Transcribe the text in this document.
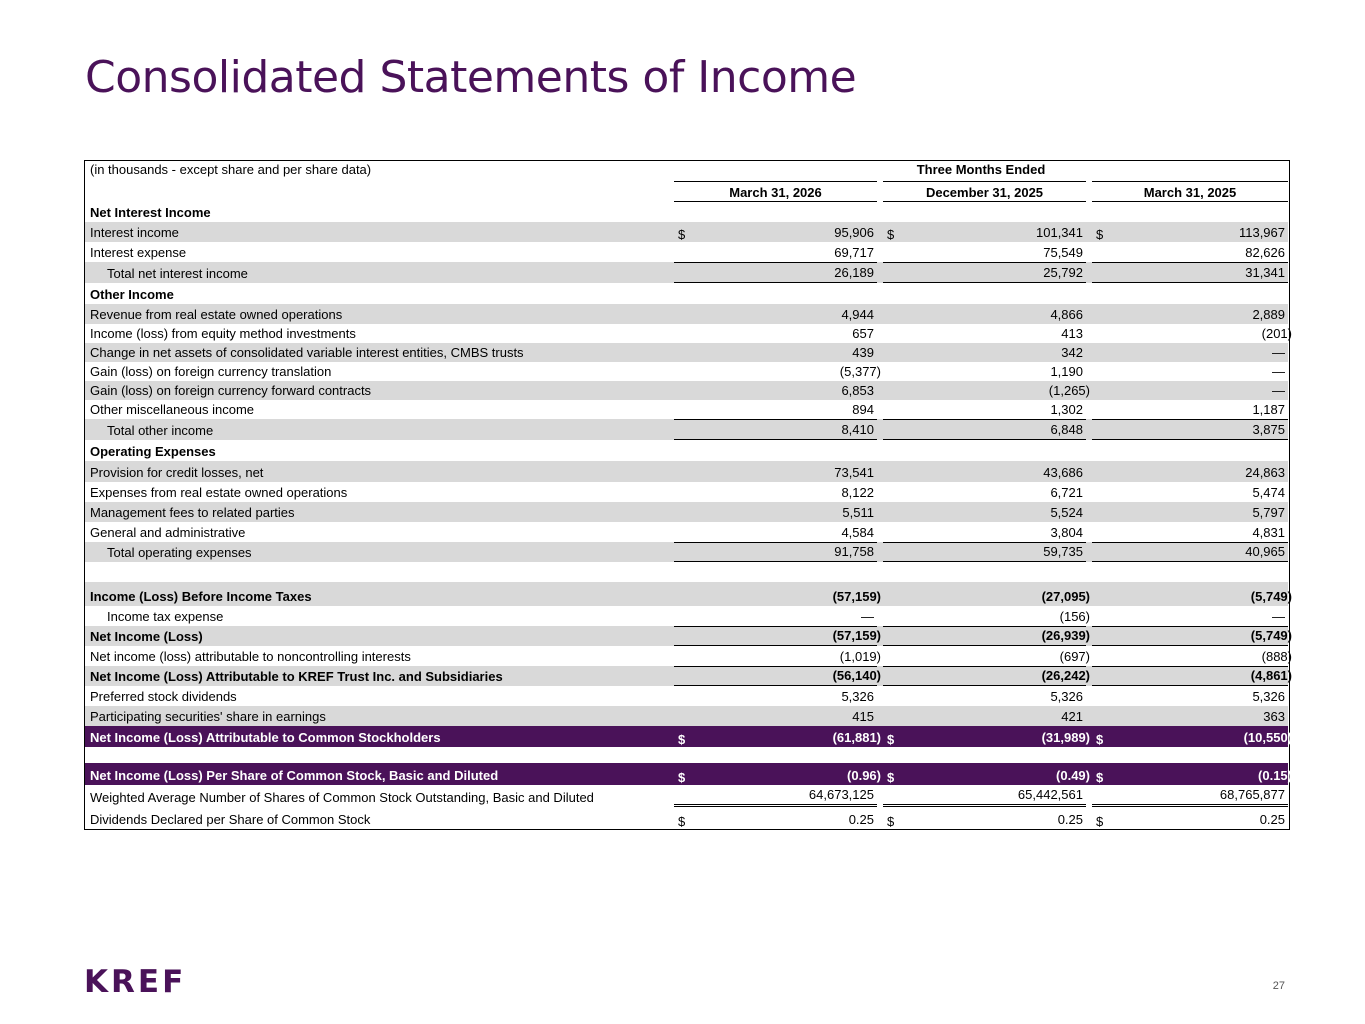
Consolidated Statements of Income
(in thousands - except share and per share data)	Three Months Ended
March 31, 2026	December 31, 2025	March 31, 2025
Net Interest Income
Interest income	$	95,906 $	101,341 $	113,967
Interest expense	69,717	75,549	82,626
Total net interest income	26,189	25,792	31,341
Other Income
Revenue from real estate owned operations	4,944	4,866	2,889
Income (loss) from equity method investments	657	413	(201)
Change in net assets of consolidated variable interest entities, CMBS trusts	439	342	—
Gain (loss) on foreign currency translation	(5,377)	1,190	—
Gain (loss) on foreign currency forward contracts	6,853	(1,265)	—
Other miscellaneous income	894	1,302	1,187
Total other income	8,410	6,848	3,875
Operating Expenses
Provision for credit losses, net	73,541	43,686	24,863
Expenses from real estate owned operations	8,122	6,721	5,474
Management fees to related parties	5,511	5,524	5,797
General and administrative	4,584	3,804	4,831
Total operating expenses	91,758	59,735	40,965
Income (Loss) Before Income Taxes	(57,159)	(27,095)	(5,749)
Income tax expense	—	(156)	—
Net Income (Loss)	(57,159)	(26,939)	(5,749)
Net income (loss) attributable to noncontrolling interests	(1,019)	(697)	(888)
Net Income (Loss) Attributable to KREF Trust Inc. and Subsidiaries	(56,140)	(26,242)	(4,861)
Preferred stock dividends	5,326	5,326	5,326
Participating securities' share in earnings	415	421	363
Net Income (Loss) Attributable to Common Stockholders	$	(61,881) $	(31,989) $	(10,550)
Net Income (Loss) Per Share of Common Stock, Basic and Diluted	$	(0.96) $	(0.49) $	(0.15)
Weighted Average Number of Shares of Common Stock Outstanding, Basic and Diluted	64,673,125	65,442,561	68,765,877
Dividends Declared per Share of Common Stock	$	0.25 $	0.25 $	0.25
KREF	27
